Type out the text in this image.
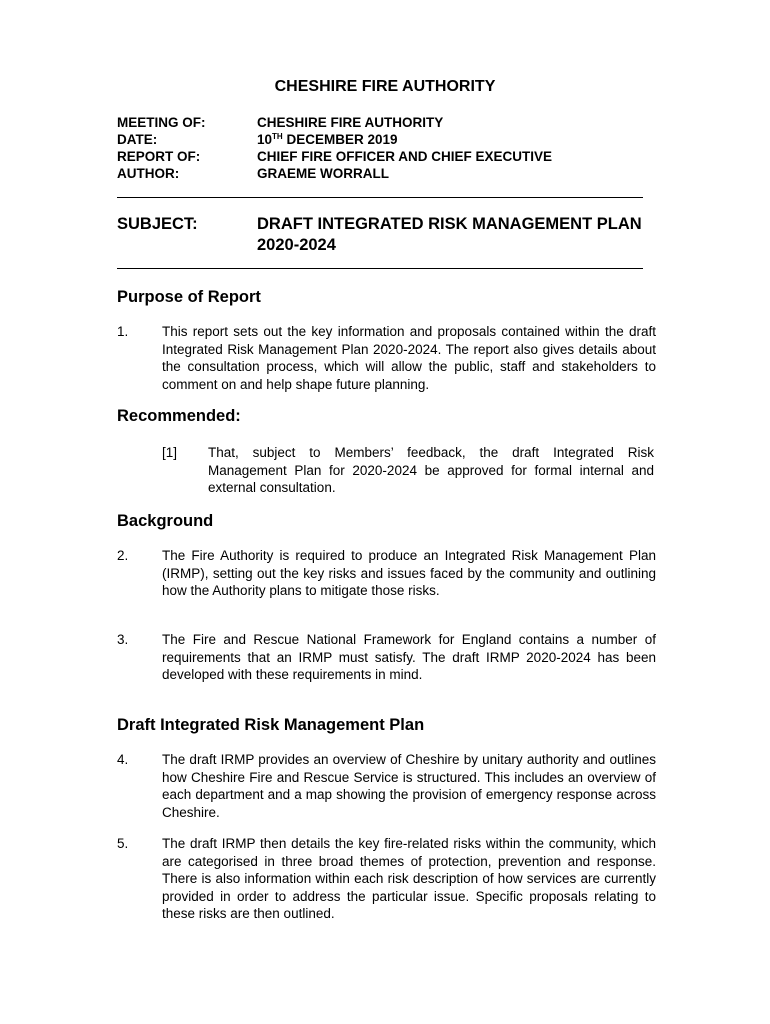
CHESHIRE FIRE AUTHORITY
MEETING OF:	CHESHIRE FIRE AUTHORITY
DATE:	10TH DECEMBER 2019
REPORT OF:	CHIEF FIRE OFFICER AND CHIEF EXECUTIVE
AUTHOR:	GRAEME WORRALL
SUBJECT:	DRAFT INTEGRATED RISK MANAGEMENT PLAN 2020-2024
Purpose of Report
1.	This report sets out the key information and proposals contained within the draft Integrated Risk Management Plan 2020-2024. The report also gives details about the consultation process, which will allow the public, staff and stakeholders to comment on and help shape future planning.
Recommended:
[1]	That, subject to Members’ feedback, the draft Integrated Risk Management Plan for 2020-2024 be approved for formal internal and external consultation.
Background
2.	The Fire Authority is required to produce an Integrated Risk Management Plan (IRMP), setting out the key risks and issues faced by the community and outlining how the Authority plans to mitigate those risks.
3.	The Fire and Rescue National Framework for England contains a number of requirements that an IRMP must satisfy. The draft IRMP 2020-2024 has been developed with these requirements in mind.
Draft Integrated Risk Management Plan
4.	The draft IRMP provides an overview of Cheshire by unitary authority and outlines how Cheshire Fire and Rescue Service is structured. This includes an overview of each department and a map showing the provision of emergency response across Cheshire.
5.	The draft IRMP then details the key fire-related risks within the community, which are categorised in three broad themes of protection, prevention and response. There is also information within each risk description of how services are currently provided in order to address the particular issue. Specific proposals relating to these risks are then outlined.
